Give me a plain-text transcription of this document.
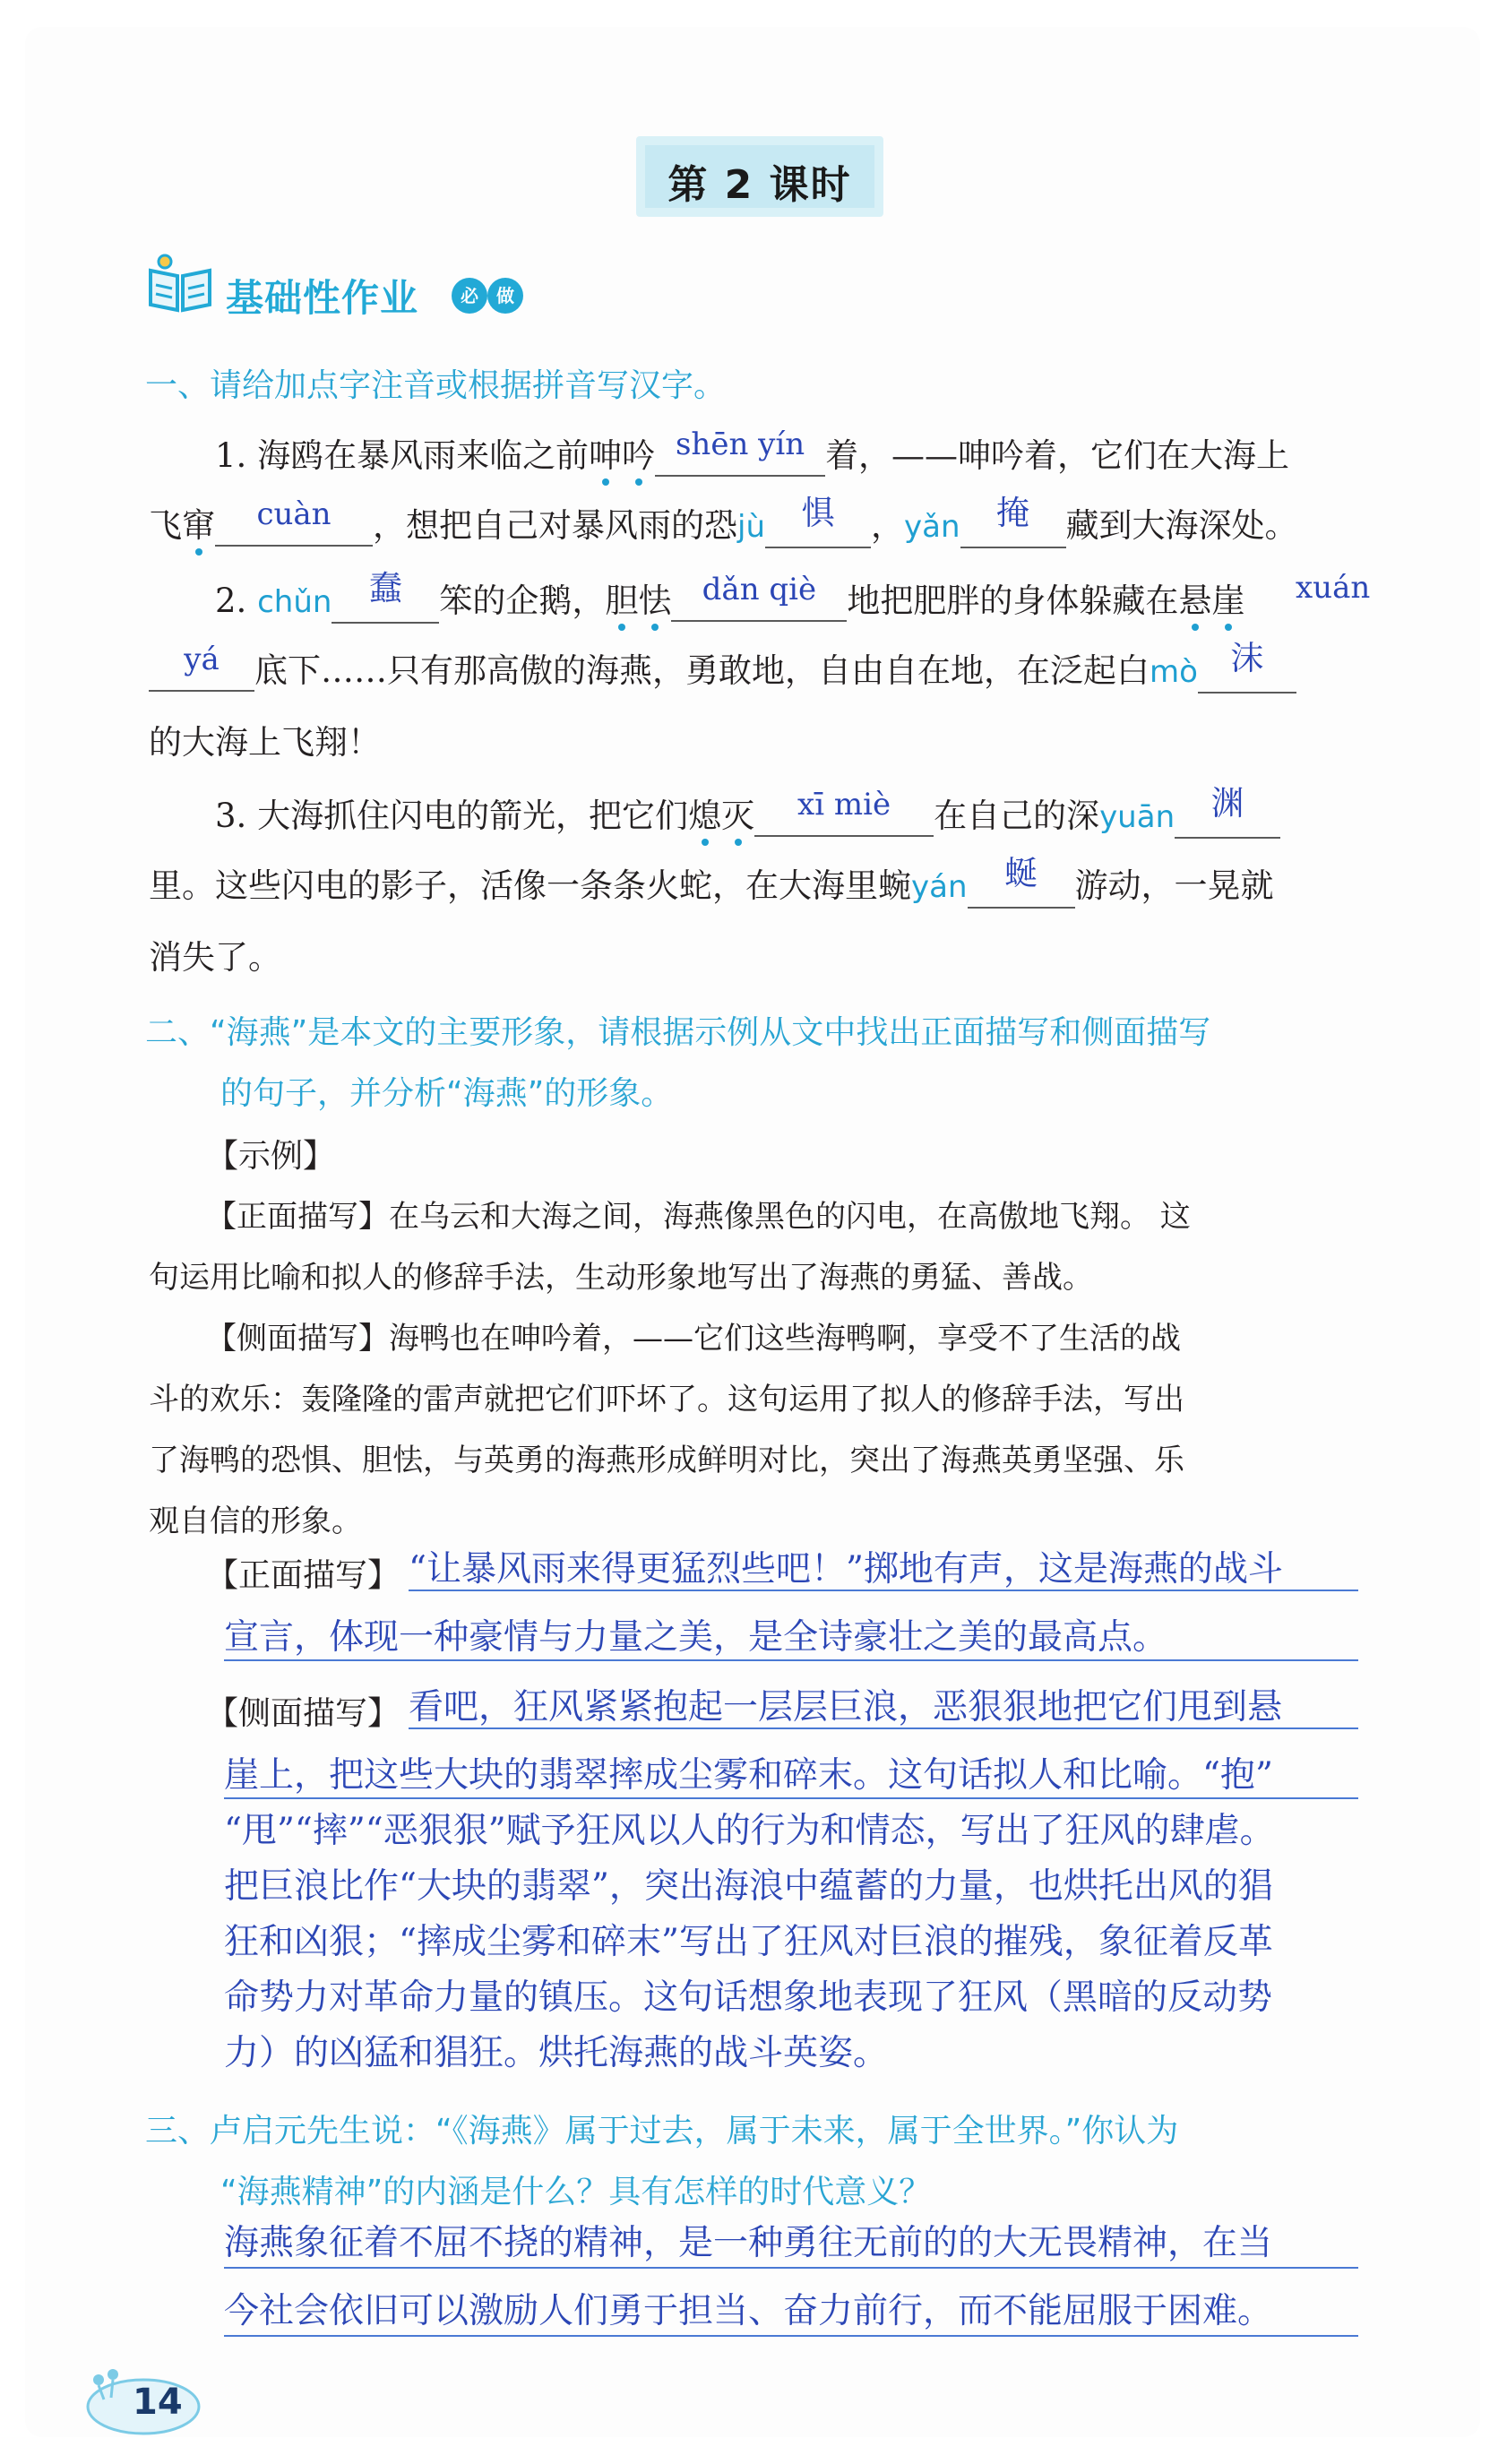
第 2 课时
基础性作业	必	做
一、请给加点字注音或根据拼音写汉字。
1. 海鸥在暴风雨来临之前呻吟 shēn yín 着，——呻吟着，它们在大海上
飞窜 cuàn ，想把自己对暴风雨的恐jù 惧 ，yǎn 掩 藏到大海深处。
2. chǔn 蠢 笨的企鹅，胆怯 dǎn qiè 地把肥胖的身体躲藏在悬崖 xuán
yá 底下……只有那高傲的海燕，勇敢地，自由自在地，在泛起白mò 沫
的大海上飞翔！
3. 大海抓住闪电的箭光，把它们熄灭 xī miè 在自己的深yuān 渊
里。这些闪电的影子，活像一条条火蛇，在大海里蜿yán 蜒 游动，一晃就
消失了。
二、“海燕”是本文的主要形象，请根据示例从文中找出正面描写和侧面描写
的句子，并分析“海燕”的形象。
【示例】
【正面描写】在乌云和大海之间，海燕像黑色的闪电，在高傲地飞翔。 这
句运用比喻和拟人的修辞手法，生动形象地写出了海燕的勇猛、善战。
【侧面描写】海鸭也在呻吟着，——它们这些海鸭啊，享受不了生活的战
斗的欢乐：轰隆隆的雷声就把它们吓坏了。这句运用了拟人的修辞手法，写出
了海鸭的恐惧、胆怯，与英勇的海燕形成鲜明对比，突出了海燕英勇坚强、乐
观自信的形象。
【正面描写】 “让暴风雨来得更猛烈些吧！”掷地有声，这是海燕的战斗
宣言，体现一种豪情与力量之美，是全诗豪壮之美的最高点。
【侧面描写】 看吧，狂风紧紧抱起一层层巨浪，恶狠狠地把它们甩到悬
崖上，把这些大块的翡翠摔成尘雾和碎末。这句话拟人和比喻。“抱”
“甩”“摔”“恶狠狠”赋予狂风以人的行为和情态，写出了狂风的肆虐。
把巨浪比作“大块的翡翠”，突出海浪中蕴蓄的力量，也烘托出风的猖
狂和凶狠；“摔成尘雾和碎末”写出了狂风对巨浪的摧残，象征着反革
命势力对革命力量的镇压。这句话想象地表现了狂风（黑暗的反动势
力）的凶猛和猖狂。烘托海燕的战斗英姿。
三、卢启元先生说：“《海燕》属于过去，属于未来，属于全世界。”你认为
“海燕精神”的内涵是什么？具有怎样的时代意义？
海燕象征着不屈不挠的精神，是一种勇往无前的的大无畏精神，在当
今社会依旧可以激励人们勇于担当、奋力前行，而不能屈服于困难。
14
